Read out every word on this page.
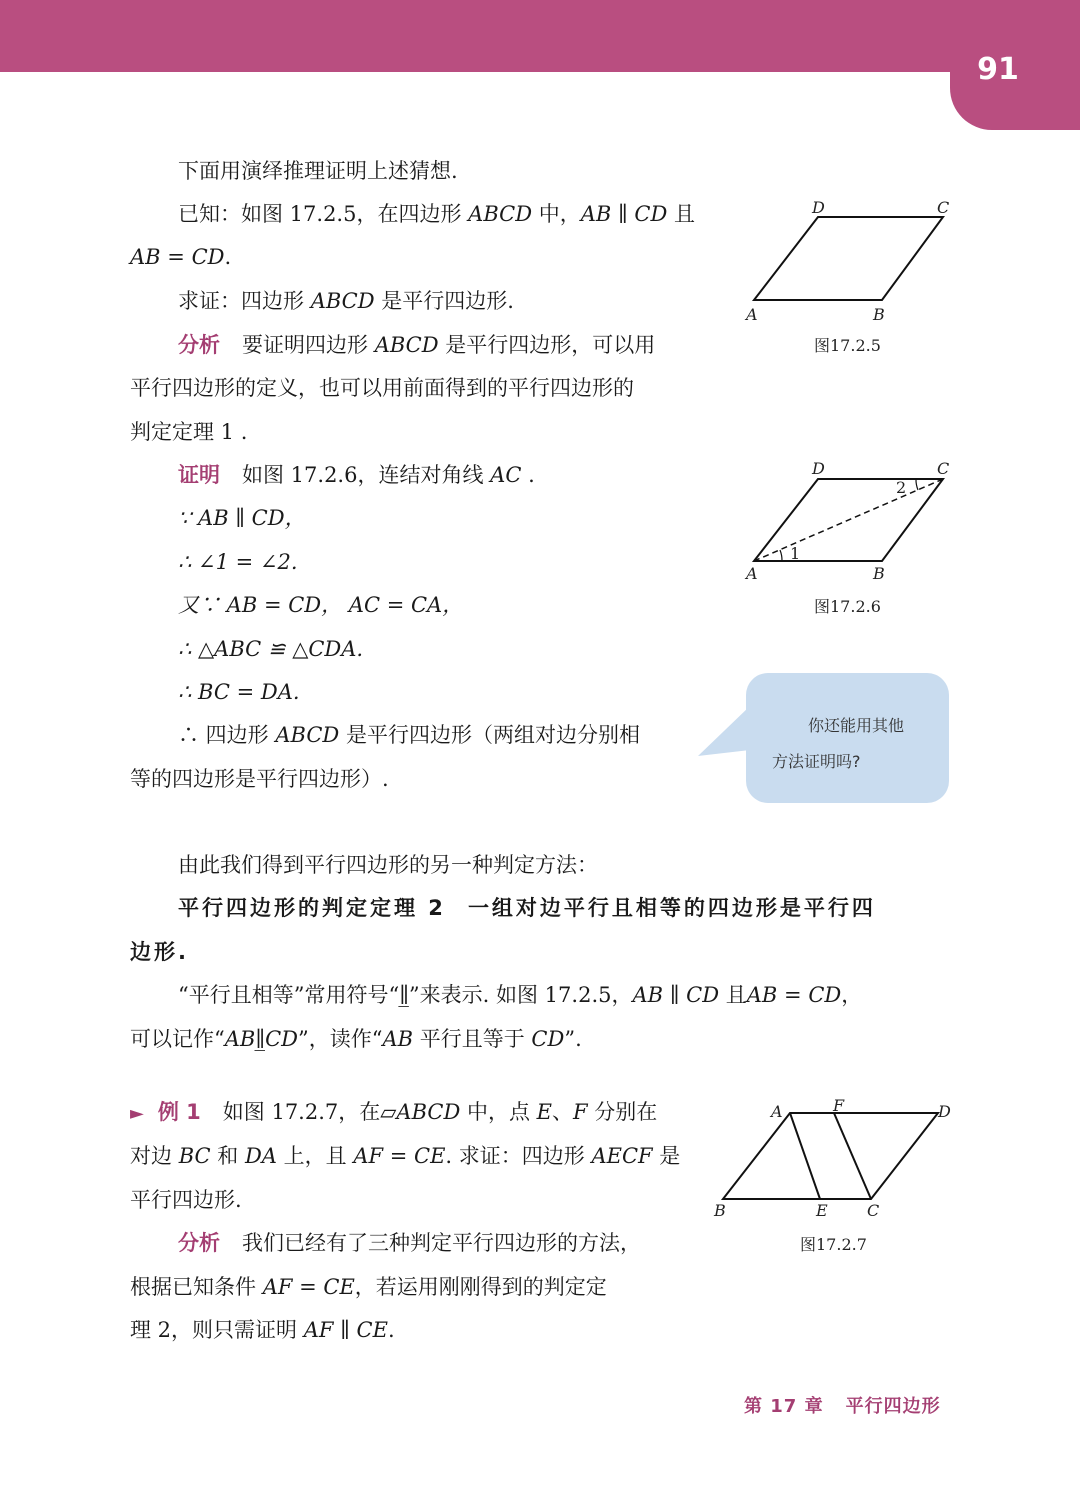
91
下面用演绎推理证明上述猜想.
已知：如图 17.2.5，在四边形 ABCD 中，AB ∥ CD 且
AB = CD.
求证：四边形 ABCD 是平行四边形.
分析 要证明四边形 ABCD 是平行四边形，可以用
平行四边形的定义，也可以用前面得到的平行四边形的
判定定理 1 .
证明 如图 17.2.6，连结对角线 AC .
∵ AB ∥ CD，
∴ ∠1 = ∠2.
又∵ AB = CD， AC = CA，
∴ △ABC ≌ △CDA.
∴ BC = DA.
∴ 四边形 ABCD 是平行四边形（两组对边分别相
等的四边形是平行四边形）.
A	B
C
D
图17.2.5
1
2
A	B
C
D
图17.2.6
你还能用其他
方法证明吗?
由此我们得到平行四边形的另一种判定方法：
平行四边形的判定定理 2 一组对边平行且相等的四边形是平行四
边形.
“平行且相等”常用符号“∥̲”来表示. 如图 17.2.5，AB ∥ CD 且AB = CD，
可以记作“AB∥̲CD”，读作“AB 平行且等于 CD”.
► 例 1 如图 17.2.7，在▱ABCD 中，点 E、F 分别在
对边 BC 和 DA 上，且 AF = CE. 求证：四边形 AECF 是
平行四边形.
分析 我们已经有了三种判定平行四边形的方法，
根据已知条件 AF = CE，若运用刚刚得到的判定定
理 2，则只需证明 AF ∥ CE.
A	F	D
B	E C
图17.2.7
第 17 章 平行四边形
